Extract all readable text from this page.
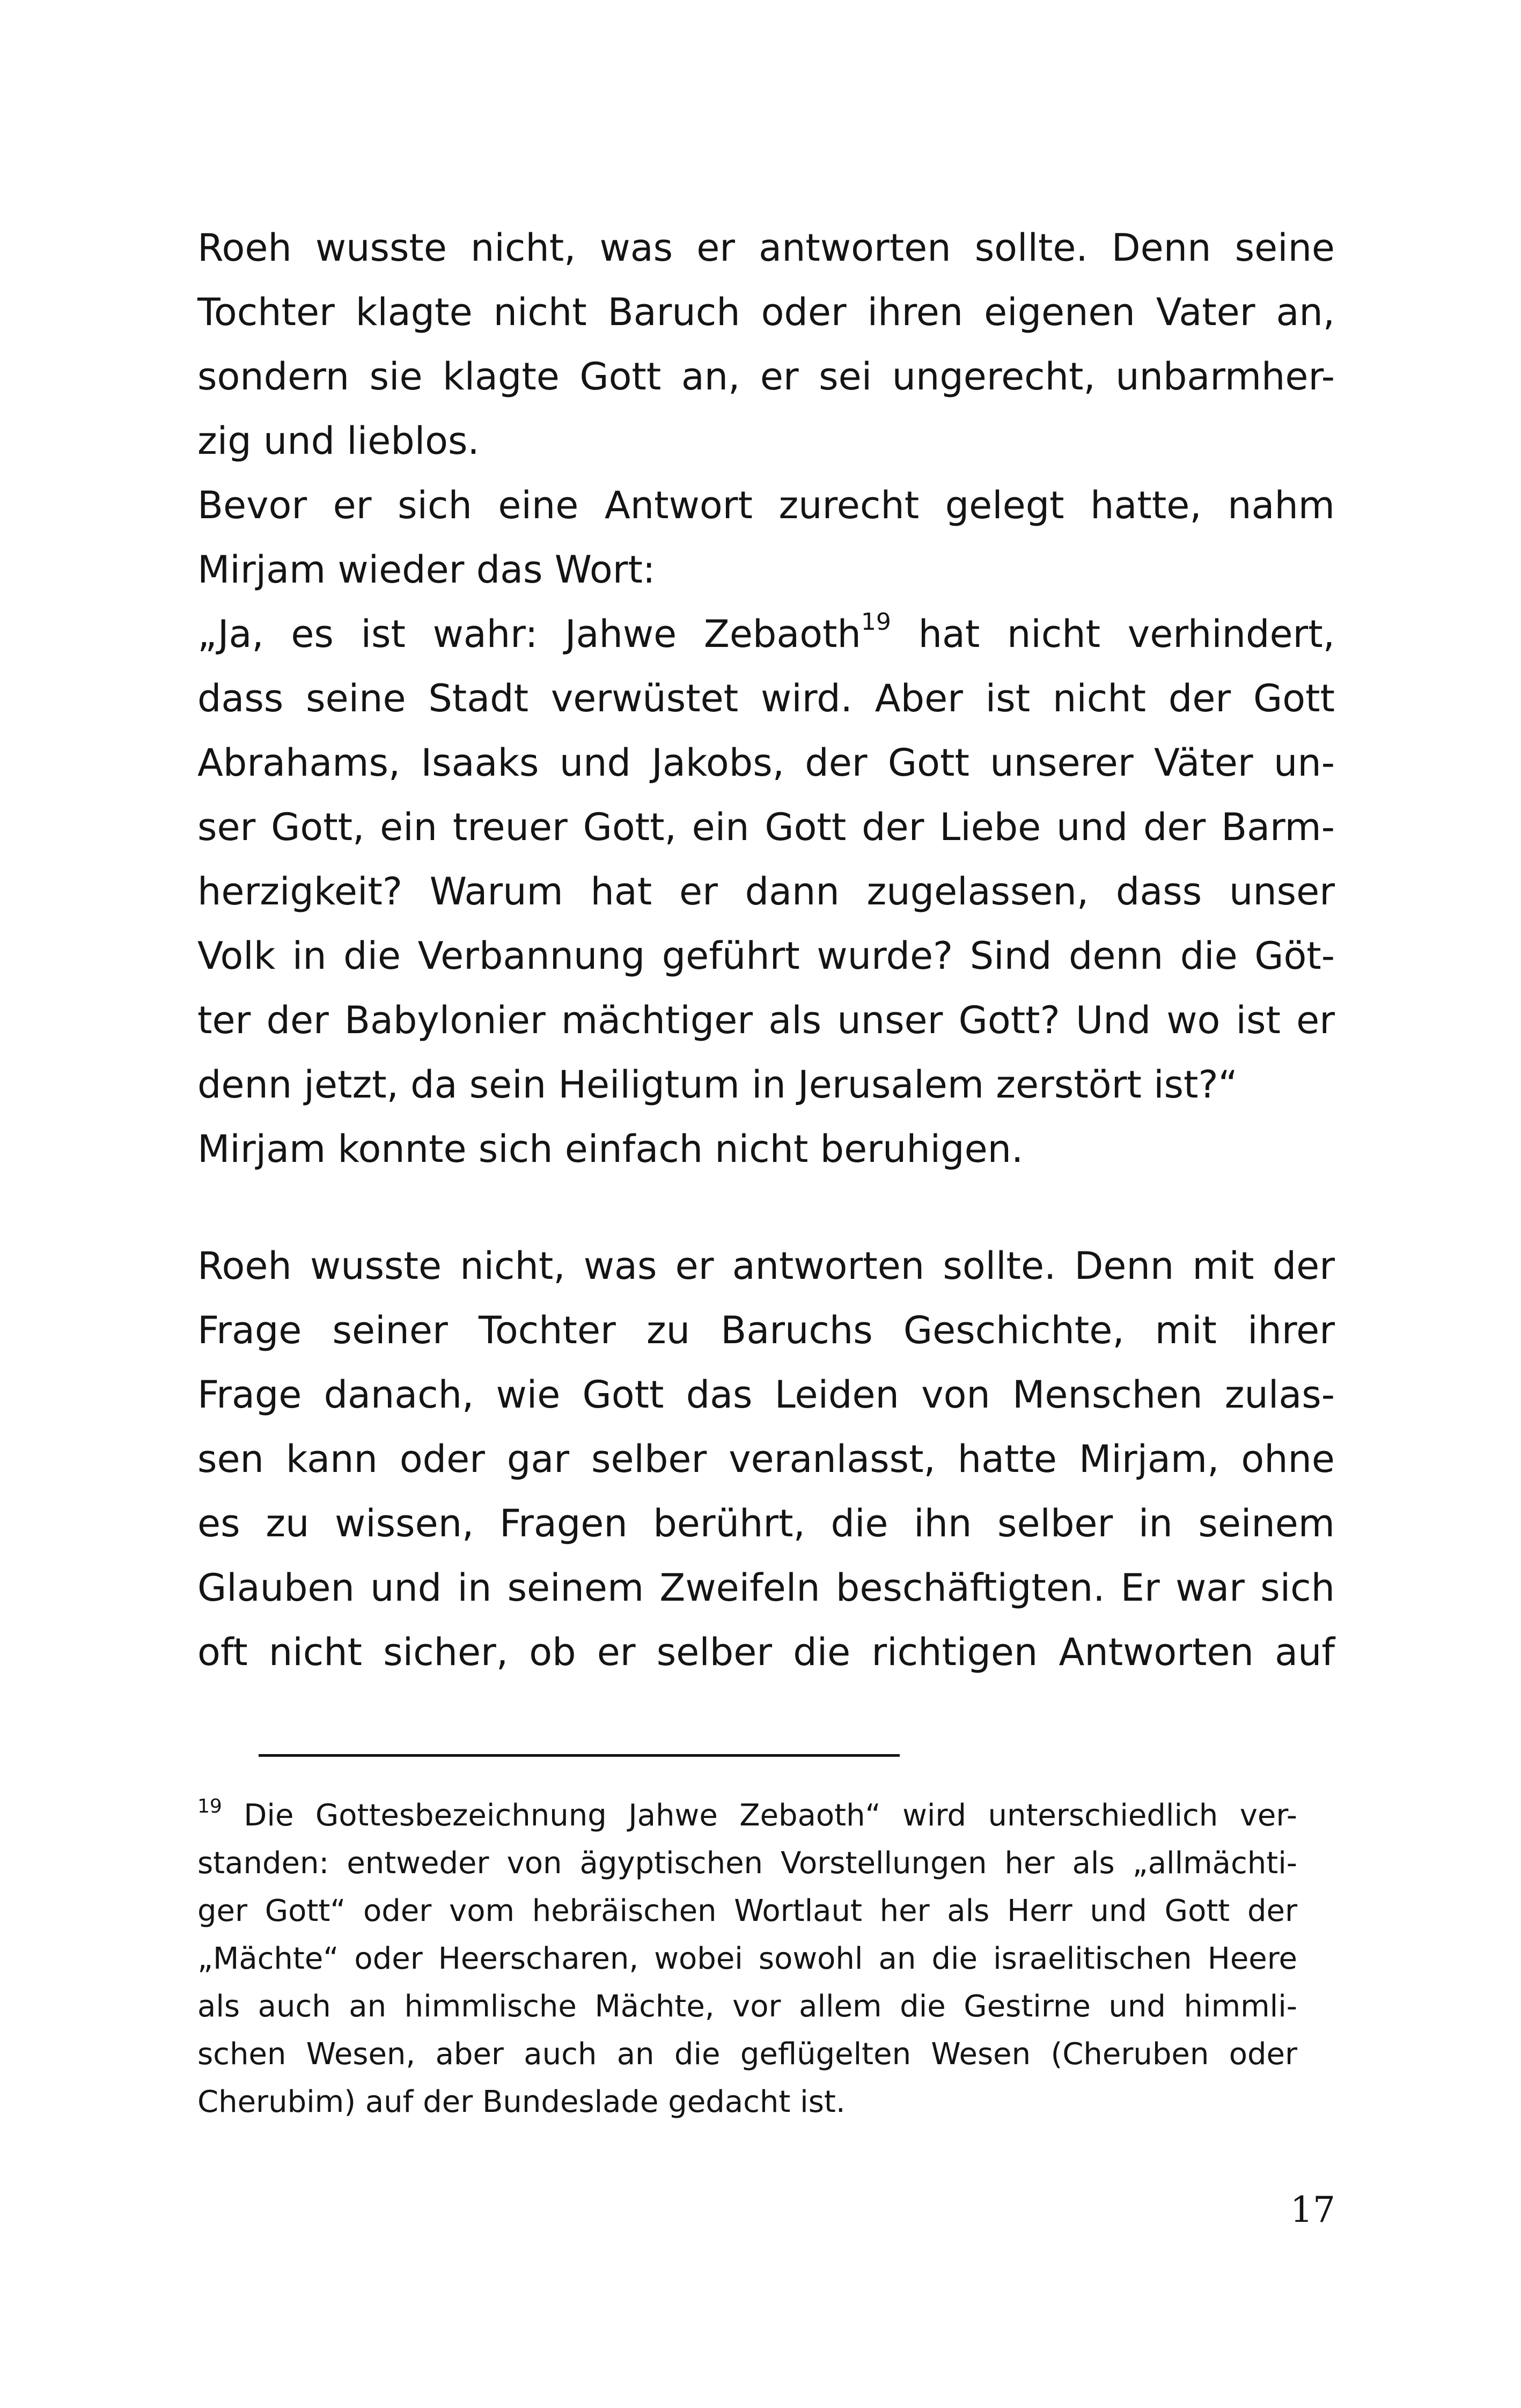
Roeh wusste nicht, was er antworten sollte. Denn seine
Tochter klagte nicht Baruch oder ihren eigenen Vater an,
sondern sie klagte Gott an, er sei ungerecht, unbarmher-
zig und lieblos.
Bevor er sich eine Antwort zurecht gelegt hatte, nahm
Mirjam wieder das Wort:
„Ja, es ist wahr: Jahwe Zebaoth$^{19}$ hat nicht verhindert,
dass seine Stadt verwüstet wird. Aber ist nicht der Gott
Abrahams, Isaaks und Jakobs, der Gott unserer Väter un-
ser Gott, ein treuer Gott, ein Gott der Liebe und der Barm-
herzigkeit? Warum hat er dann zugelassen, dass unser
Volk in die Verbannung geführt wurde? Sind denn die Göt-
ter der Babylonier mächtiger als unser Gott? Und wo ist er
denn jetzt, da sein Heiligtum in Jerusalem zerstört ist?“
Mirjam konnte sich einfach nicht beruhigen.
Roeh wusste nicht, was er antworten sollte. Denn mit der
Frage seiner Tochter zu Baruchs Geschichte, mit ihrer
Frage danach, wie Gott das Leiden von Menschen zulas-
sen kann oder gar selber veranlasst, hatte Mirjam, ohne
es zu wissen, Fragen berührt, die ihn selber in seinem
Glauben und in seinem Zweifeln beschäftigten. Er war sich
oft nicht sicher, ob er selber die richtigen Antworten auf
$^{19}$ Die Gottesbezeichnung Jahwe Zebaoth“ wird unterschiedlich ver-
standen: entweder von ägyptischen Vorstellungen her als „allmächti-
ger Gott“ oder vom hebräischen Wortlaut her als Herr und Gott der
„Mächte“ oder Heerscharen, wobei sowohl an die israelitischen Heere
als auch an himmlische Mächte, vor allem die Gestirne und himmli-
schen Wesen, aber auch an die geflügelten Wesen (Cheruben oder
Cherubim) auf der Bundeslade gedacht ist.
17
